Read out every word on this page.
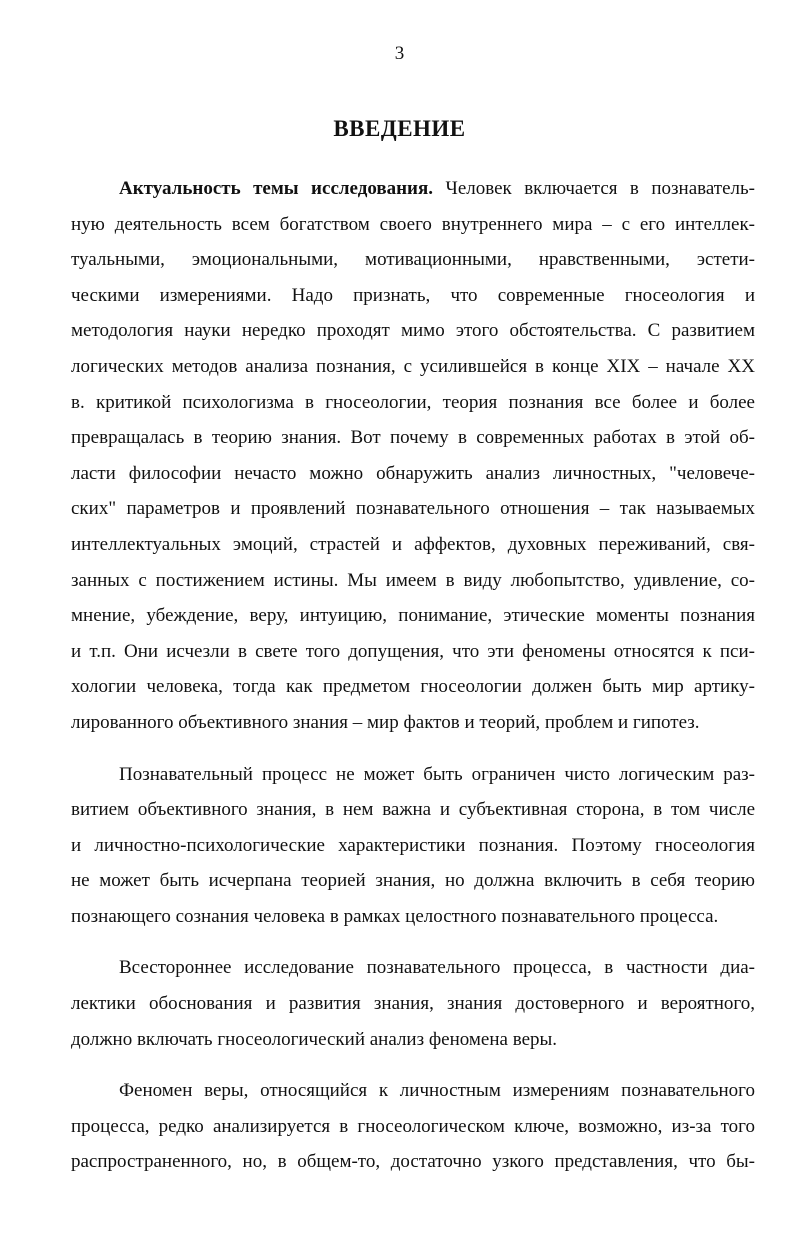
3
ВВЕДЕНИЕ
Актуальность темы исследования. Человек включается в познаватель-
ную деятельность всем богатством своего внутреннего мира – с его интеллек-
туальными, эмоциональными, мотивационными, нравственными, эстети-
ческими измерениями. Надо признать, что современные гносеология и
методология науки нередко проходят мимо этого обстоятельства. С развитием
логических методов анализа познания, с усилившейся в конце XIX – начале XX
в. критикой психологизма в гносеологии, теория познания все более и более
превращалась в теорию знания. Вот почему в современных работах в этой об-
ласти философии нечасто можно обнаружить анализ личностных, "человече-
ских" параметров и проявлений познавательного отношения – так называемых
интеллектуальных эмоций, страстей и аффектов, духовных переживаний, свя-
занных с постижением истины. Мы имеем в виду любопытство, удивление, со-
мнение, убеждение, веру, интуицию, понимание, этические моменты познания
и т.п. Они исчезли в свете того допущения, что эти феномены относятся к пси-
хологии человека, тогда как предметом гносеологии должен быть мир артику-
лированного объективного знания – мир фактов и теорий, проблем и гипотез.
Познавательный процесс не может быть ограничен чисто логическим раз-
витием объективного знания, в нем важна и субъективная сторона, в том числе
и личностно-психологические характеристики познания. Поэтому гносеология
не может быть исчерпана теорией знания, но должна включить в себя теорию
познающего сознания человека в рамках целостного познавательного процесса.
Всестороннее исследование познавательного процесса, в частности диа-
лектики обоснования и развития знания, знания достоверного и вероятного,
должно включать гносеологический анализ феномена веры.
Феномен веры, относящийся к личностным измерениям познавательного
процесса, редко анализируется в гносеологическом ключе, возможно, из-за того
распространенного, но, в общем-то, достаточно узкого представления, что бы-
